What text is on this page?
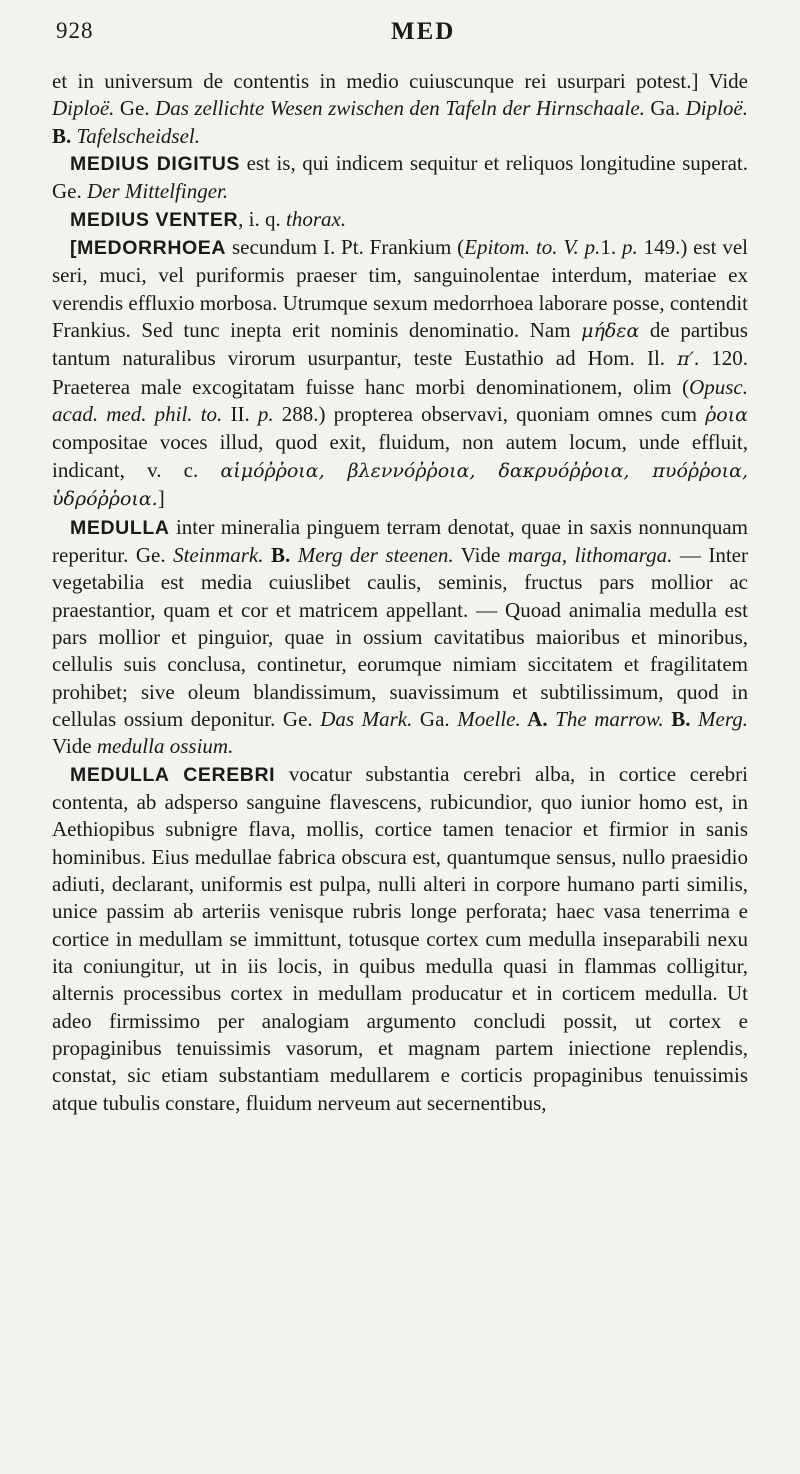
928	MED

et in universum de contentis in medio cuiuscunque rei usurpari potest.] Vide Diploë. Ge. Das zellichte Wesen zwischen den Tafeln der Hirnschaale. Ga. Diploë. B. Tafelscheidsel.

MEDIUS DIGITUS est is, qui indicem sequitur et reliquos longitudine superat. Ge. Der Mittelfinger.

MEDIUS VENTER, i. q. thorax.

[MEDORRHOEA secundum I. Pt. Frankium (Epitom. to. V. p.1. p. 149.) est vel seri, muci, vel puriformis praeser tim, sanguinolentae interdum, materiae ex verendis effluxio morbosa. Utrumque sexum medorrhoea laborare posse, contendit Frankius. Sed tunc inepta erit nominis denominatio. Nam μήδεα de partibus tantum naturalibus virorum usurpantur, teste Eustathio ad Hom. Il. π′. 120. Praeterea male excogitatam fuisse hanc morbi denominationem, olim (Opusc. acad. med. phil. to. II. p. 288.) propterea observavi, quoniam omnes cum ῥοια compositae voces illud, quod exit, fluidum, non autem locum, unde effluit, indicant, v. c. αἱμόῤῥοια, βλεννόῤῥοια, δακρυόῤῥοια, πυόῤῥοια, ὑδρόῤῥοια.]

MEDULLA inter mineralia pinguem terram denotat, quae in saxis nonnunquam reperitur. Ge. Steinmark. B. Merg der steenen. Vide marga, lithomarga. — Inter vegetabilia est media cuiuslibet caulis, seminis, fructus pars mollior ac praestantior, quam et cor et matricem appellant. — Quoad animalia medulla est pars mollior et pinguior, quae in ossium cavitatibus maioribus et minoribus, cellulis suis conclusa, continetur, eorumque nimiam siccitatem et fragilitatem prohibet; sive oleum blandissimum, suavissimum et subtilissimum, quod in cellulas ossium deponitur. Ge. Das Mark. Ga. Moelle. A. The marrow. B. Merg. Vide medulla ossium.

MEDULLA CEREBRI vocatur substantia cerebri alba, in cortice cerebri contenta, ab adsperso sanguine flavescens, rubicundior, quo iunior homo est, in Aethiopibus subnigre flava, mollis, cortice tamen tenacior et firmior in sanis hominibus. Eius medullae fabrica obscura est, quantumque sensus, nullo praesidio adiuti, declarant, uniformis est pulpa, nulli alteri in corpore humano parti similis, unice passim ab arteriis venisque rubris longe perforata; haec vasa tenerrima e cortice in medullam se immittunt, totusque cortex cum medulla inseparabili nexu ita coniungitur, ut in iis locis, in quibus medulla quasi in flammas colligitur, alternis processibus cortex in medullam producatur et in corticem medulla. Ut adeo firmissimo per analogiam argumento concludi possit, ut cortex e propaginibus tenuissimis vasorum, et magnam partem iniectione replendis, constat, sic etiam substantiam medullarem e corticis propaginibus tenuissimis atque tubulis constare, fluidum nerveum aut secernentibus,
